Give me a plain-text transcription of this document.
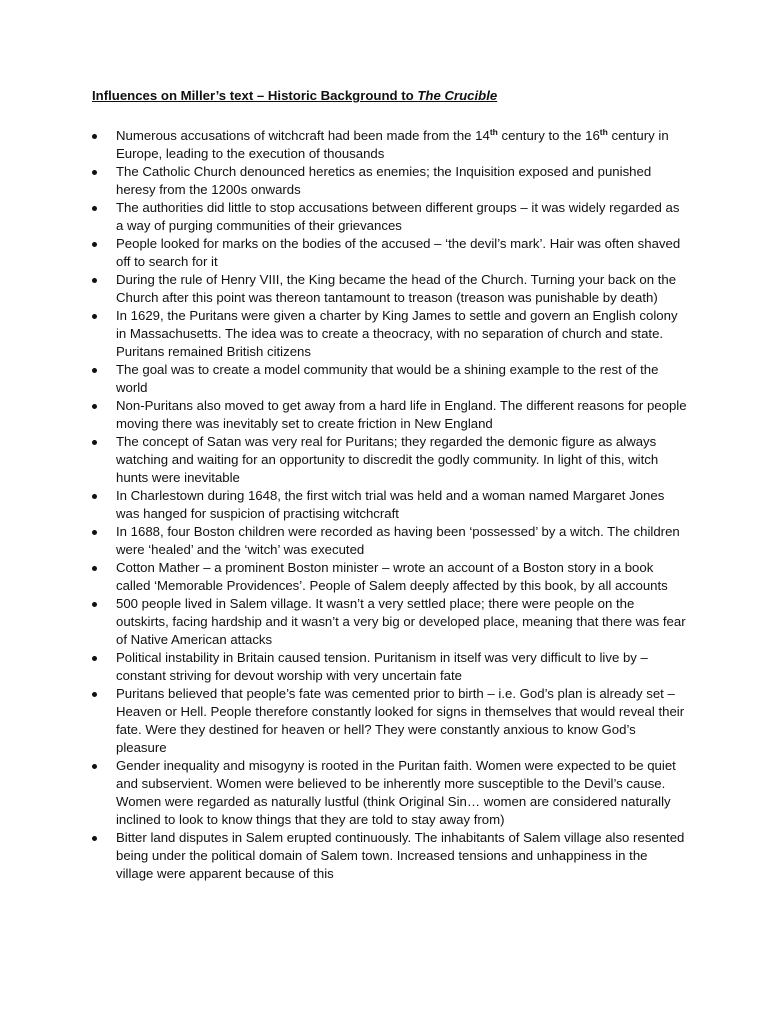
Influences on Miller’s text – Historic Background to The Crucible
Numerous accusations of witchcraft had been made from the 14th century to the 16th century in Europe, leading to the execution of thousands
The Catholic Church denounced heretics as enemies; the Inquisition exposed and punished heresy from the 1200s onwards
The authorities did little to stop accusations between different groups – it was widely regarded as a way of purging communities of their grievances
People looked for marks on the bodies of the accused – ‘the devil’s mark’. Hair was often shaved off to search for it
During the rule of Henry VIII, the King became the head of the Church. Turning your back on the Church after this point was thereon tantamount to treason (treason was punishable by death)
In 1629, the Puritans were given a charter by King James to settle and govern an English colony in Massachusetts. The idea was to create a theocracy, with no separation of church and state. Puritans remained British citizens
The goal was to create a model community that would be a shining example to the rest of the world
Non-Puritans also moved to get away from a hard life in England. The different reasons for people moving there was inevitably set to create friction in New England
The concept of Satan was very real for Puritans; they regarded the demonic figure as always watching and waiting for an opportunity to discredit the godly community. In light of this, witch hunts were inevitable
In Charlestown during 1648, the first witch trial was held and a woman named Margaret Jones was hanged for suspicion of practising witchcraft
In 1688, four Boston children were recorded as having been ‘possessed’ by a witch. The children were ‘healed’ and the ‘witch’ was executed
Cotton Mather – a prominent Boston minister – wrote an account of a Boston story in a book called ‘Memorable Providences’. People of Salem deeply affected by this book, by all accounts
500 people lived in Salem village. It wasn’t a very settled place; there were people on the outskirts, facing hardship and it wasn’t a very big or developed place, meaning that there was fear of Native American attacks
Political instability in Britain caused tension. Puritanism in itself was very difficult to live by – constant striving for devout worship with very uncertain fate
Puritans believed that people’s fate was cemented prior to birth – i.e. God’s plan is already set – Heaven or Hell. People therefore constantly looked for signs in themselves that would reveal their fate. Were they destined for heaven or hell? They were constantly anxious to know God’s pleasure
Gender inequality and misogyny is rooted in the Puritan faith. Women were expected to be quiet and subservient. Women were believed to be inherently more susceptible to the Devil’s cause. Women were regarded as naturally lustful (think Original Sin… women are considered naturally inclined to look to know things that they are told to stay away from)
Bitter land disputes in Salem erupted continuously. The inhabitants of Salem village also resented being under the political domain of Salem town. Increased tensions and unhappiness in the village were apparent because of this
